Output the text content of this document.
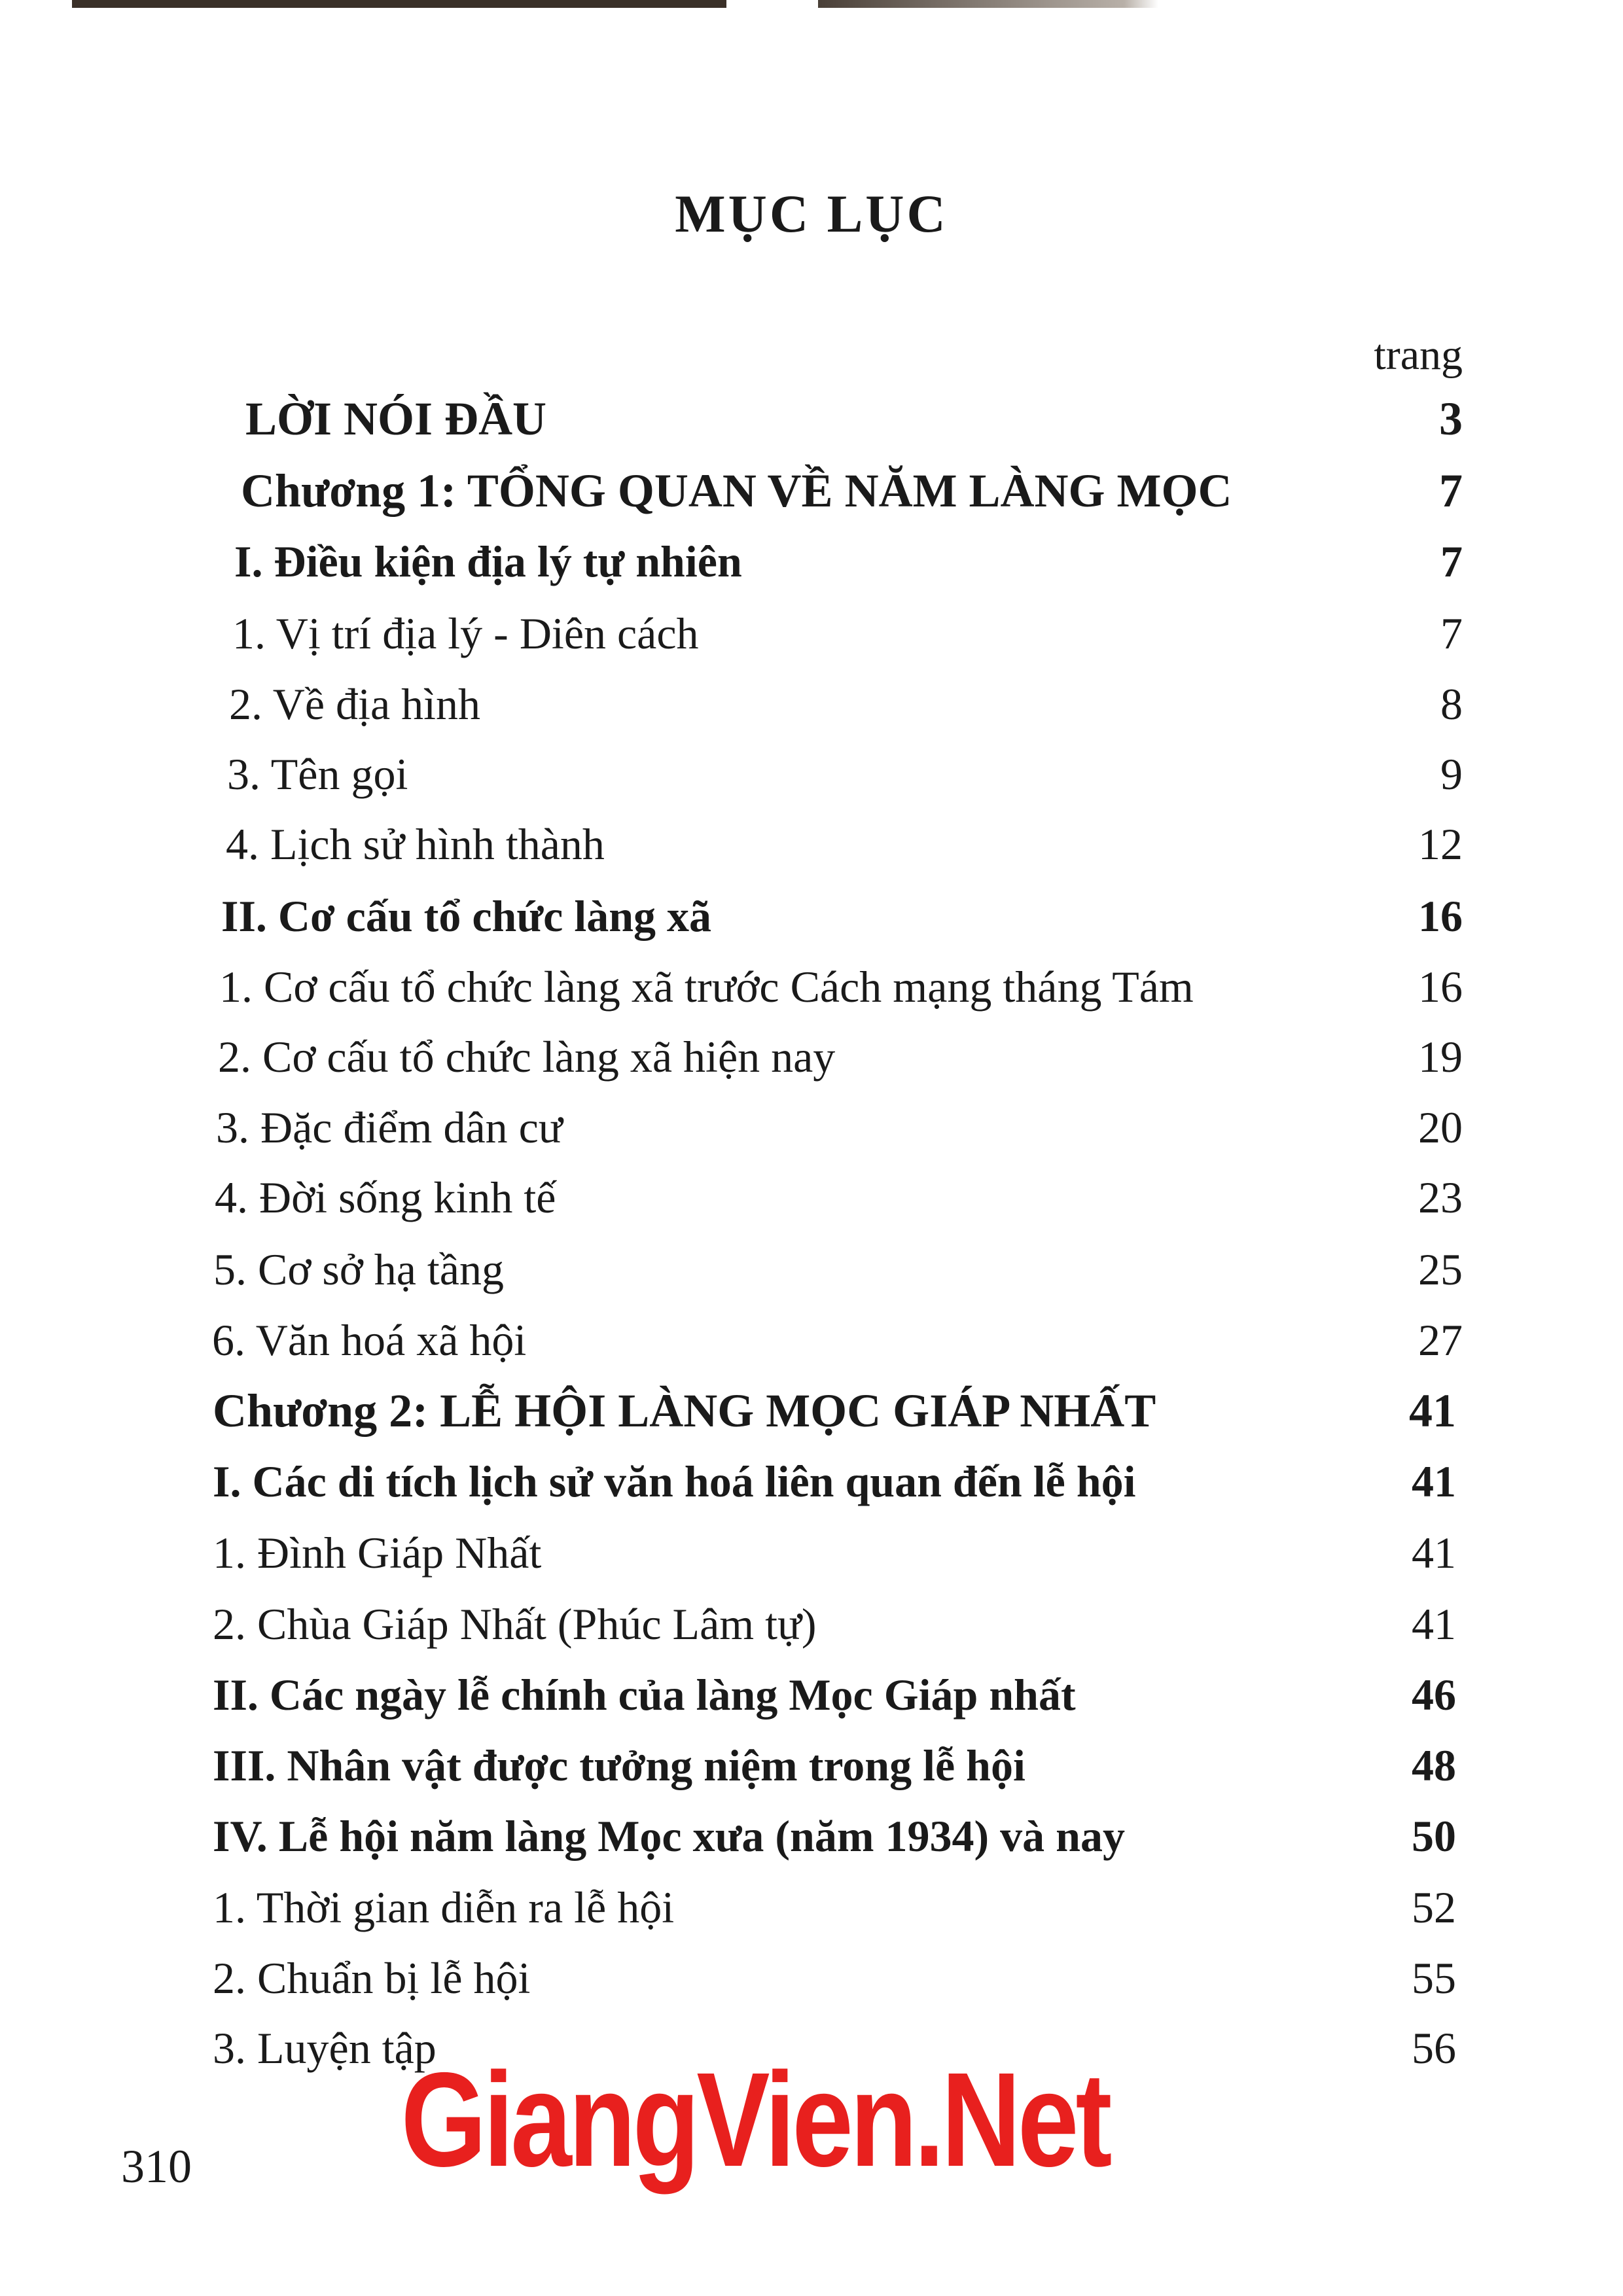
MỤC LỤC
trang
LỜI NÓI ĐẦU	3
Chương 1: TỔNG QUAN VỀ NĂM LÀNG MỌC	7
I. Điều kiện địa lý tự nhiên	7
1. Vị trí địa lý - Diên cách	7
2. Về địa hình	8
3. Tên gọi	9
4. Lịch sử hình thành	12
II. Cơ cấu tổ chức làng xã	16
1. Cơ cấu tổ chức làng xã trước Cách mạng tháng Tám	16
2. Cơ cấu tổ chức làng xã hiện nay	19
3. Đặc điểm dân cư	20
4. Đời sống kinh tế	23
5. Cơ sở hạ tầng	25
6. Văn hoá xã hội	27
Chương 2: LỄ HỘI LÀNG MỌC GIÁP NHẤT	41
I. Các di tích lịch sử văn hoá liên quan đến lễ hội	41
1. Đình Giáp Nhất	41
2. Chùa Giáp Nhất (Phúc Lâm tự)	41
II. Các ngày lễ chính của làng Mọc Giáp nhất	46
III. Nhân vật được tưởng niệm trong lễ hội	48
IV. Lễ hội năm làng Mọc xưa (năm 1934) và nay	50
1. Thời gian diễn ra lễ hội	52
2. Chuẩn bị lễ hội	55
3. Luyện tập	56
310 GiangVien.Net
